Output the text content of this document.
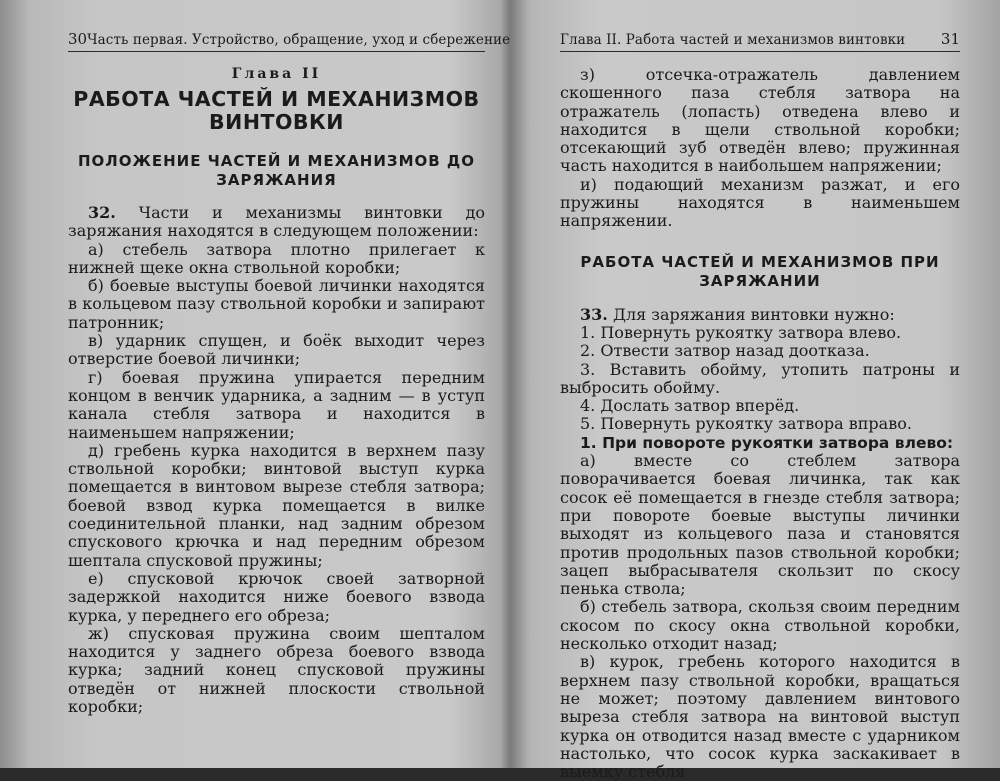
30 Часть первая. Устройство, обращение, уход и сбережение
Глава II
РАБОТА ЧАСТЕЙ И МЕХАНИЗМОВ ВИНТОВКИ
ПОЛОЖЕНИЕ ЧАСТЕЙ И МЕХАНИЗМОВ ДО ЗАРЯЖАНИЯ

32. Части и механизмы винтовки до заряжания находятся в следующем положении:

а) стебель затвора плотно прилегает к нижней щеке окна ствольной коробки;

б) боевые выступы боевой личинки находятся в кольцевом пазу ствольной коробки и запирают патронник;

в) ударник спущен, и боёк выходит через отверстие боевой личинки;

г) боевая пружина упирается передним концом в венчик ударника, а задним — в уступ канала стебля затвора и находится в наименьшем напряжении;

д) гребень курка находится в верхнем пазу ствольной коробки; винтовой выступ курка помещается в винтовом вырезе стебля затвора; боевой взвод курка помещается в вилке соединительной планки, над задним обрезом спускового крючка и над передним обрезом шептала спусковой пружины;

е) спусковой крючок своей затворной задержкой находится ниже боевого взвода курка, у переднего его обреза;

ж) спусковая пружина своим шепталом находится у заднего обреза боевого взвода курка; задний конец спусковой пружины отведён от нижней плоскости ствольной коробки;

Глава II. Работа частей и механизмов винтовки 31

з) отсечка-отражатель давлением скошенного паза стебля затвора на отражатель (лопасть) отведена влево и находится в щели ствольной коробки; отсекающий зуб отведён влево; пружинная часть находится в наибольшем напряжении;

и) подающий механизм разжат, и его пружины находятся в наименьшем напряжении.

РАБОТА ЧАСТЕЙ И МЕХАНИЗМОВ ПРИ ЗАРЯЖАНИИ

33. Для заряжания винтовки нужно:

1. Повернуть рукоятку затвора влево.

2. Отвести затвор назад доотказа.

3. Вставить обойму, утопить патроны и выбросить обойму.

4. Дослать затвор вперёд.

5. Повернуть рукоятку затвора вправо.

1. При повороте рукоятки затвора влево:

а) вместе со стеблем затвора поворачивается боевая личинка, так как сосок её помещается в гнезде стебля затвора; при повороте боевые выступы личинки выходят из кольцевого паза и становятся против продольных пазов ствольной коробки; зацеп выбрасывателя скользит по скосу пенька ствола;

б) стебель затвора, скользя своим передним скосом по скосу окна ствольной коробки, несколько отходит назад;

в) курок, гребень которого находится в верхнем пазу ствольной коробки, вращаться не может; поэтому давлением винтового выреза стебля затвора на винтовой выступ курка он отводится назад вместе с ударником настолько, что сосок курка заскакивает в выемку стебля
